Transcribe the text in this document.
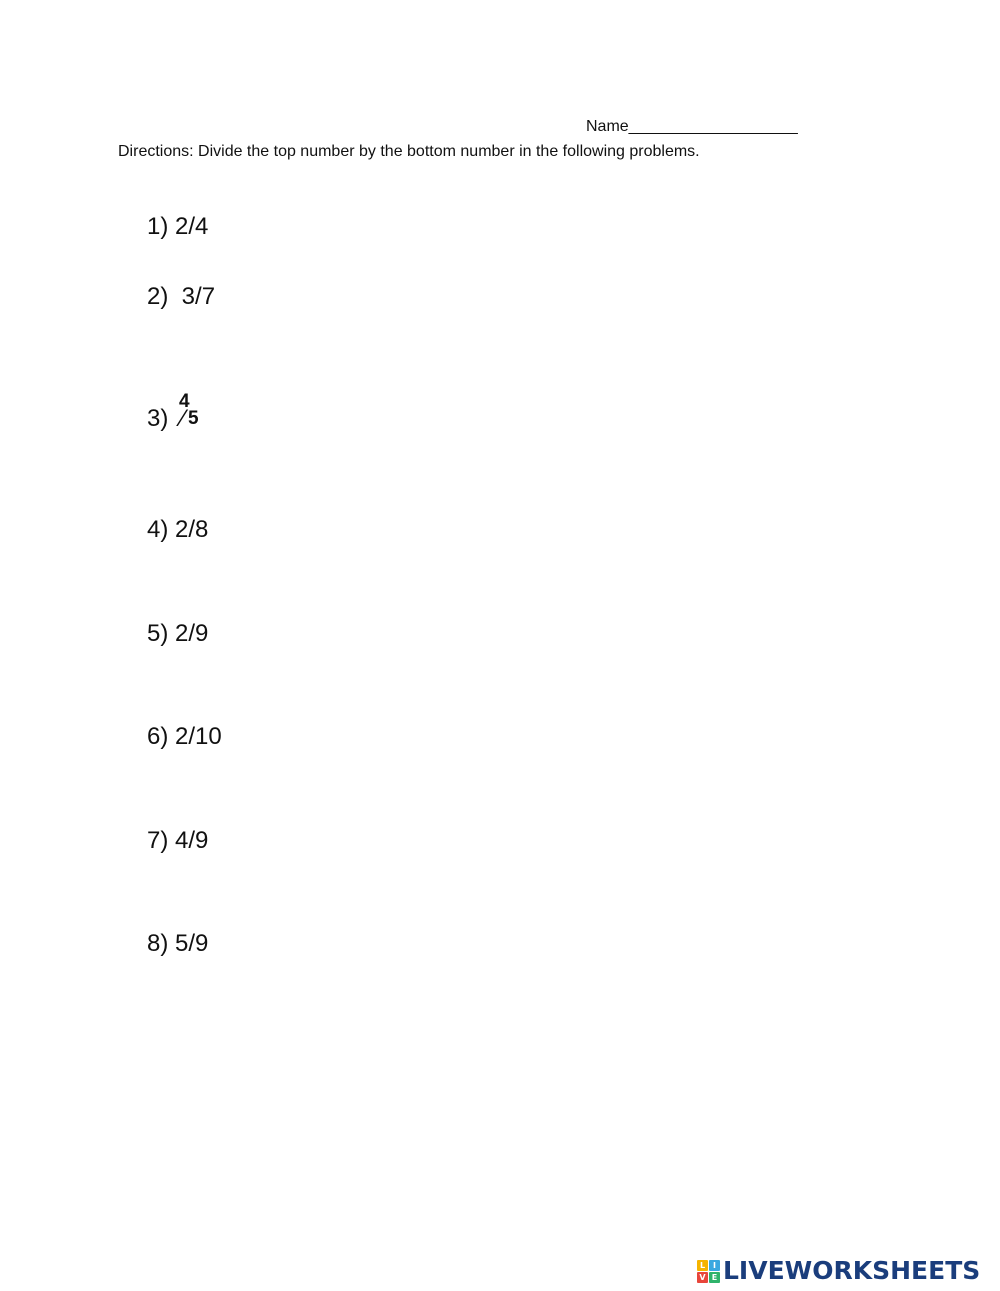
Name___________________
Directions: Divide the top number by the bottom number in the following problems.
1) 2/4
2)  3/7
3)
4
⁄ 5
4) 2/8
5) 2/9
6) 2/10
7) 4/9
8) 5/9
L I
V E LIVEWORKSHEETS
